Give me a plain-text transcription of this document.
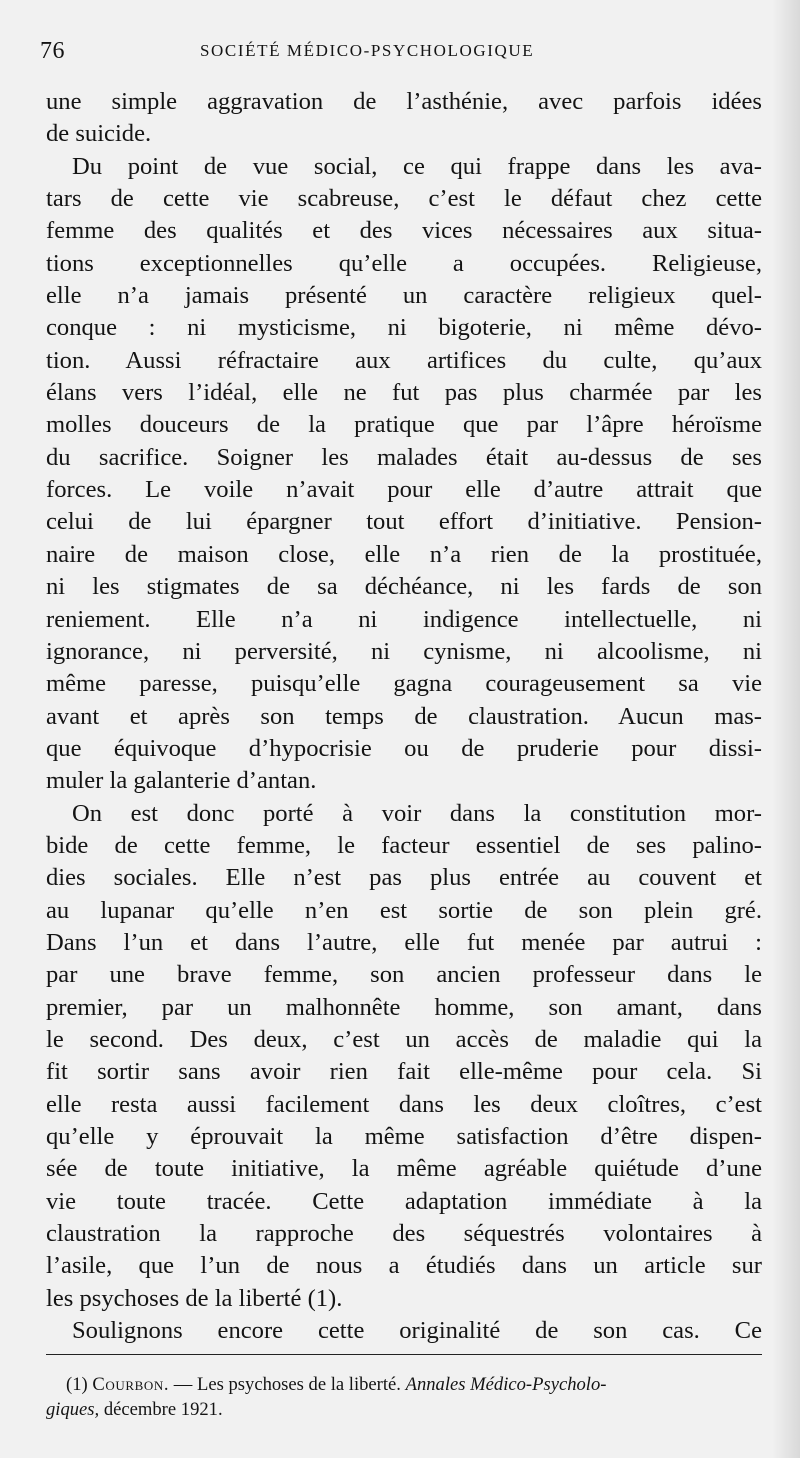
76	SOCIÉTÉ MÉDICO-PSYCHOLOGIQUE
une simple aggravation de l’asthénie, avec parfois idées
de suicide.
Du point de vue social, ce qui frappe dans les ava-
tars de cette vie scabreuse, c’est le défaut chez cette
femme des qualités et des vices nécessaires aux situa-
tions exceptionnelles qu’elle a occupées. Religieuse,
elle n’a jamais présenté un caractère religieux quel-
conque : ni mysticisme, ni bigoterie, ni même dévo-
tion. Aussi réfractaire aux artifices du culte, qu’aux
élans vers l’idéal, elle ne fut pas plus charmée par les
molles douceurs de la pratique que par l’âpre héroïsme
du sacrifice. Soigner les malades était au-dessus de ses
forces. Le voile n’avait pour elle d’autre attrait que
celui de lui épargner tout effort d’initiative. Pension-
naire de maison close, elle n’a rien de la prostituée,
ni les stigmates de sa déchéance, ni les fards de son
reniement. Elle n’a ni indigence intellectuelle, ni
ignorance, ni perversité, ni cynisme, ni alcoolisme, ni
même paresse, puisqu’elle gagna courageusement sa vie
avant et après son temps de claustration. Aucun mas-
que équivoque d’hypocrisie ou de pruderie pour dissi-
muler la galanterie d’antan.
On est donc porté à voir dans la constitution mor-
bide de cette femme, le facteur essentiel de ses palino-
dies sociales. Elle n’est pas plus entrée au couvent et
au lupanar qu’elle n’en est sortie de son plein gré.
Dans l’un et dans l’autre, elle fut menée par autrui :
par une brave femme, son ancien professeur dans le
premier, par un malhonnête homme, son amant, dans
le second. Des deux, c’est un accès de maladie qui la
fit sortir sans avoir rien fait elle-même pour cela. Si
elle resta aussi facilement dans les deux cloîtres, c’est
qu’elle y éprouvait la même satisfaction d’être dispen-
sée de toute initiative, la même agréable quiétude d’une
vie toute tracée. Cette adaptation immédiate à la
claustration la rapproche des séquestrés volontaires à
l’asile, que l’un de nous a étudiés dans un article sur
les psychoses de la liberté (1).
Soulignons encore cette originalité de son cas. Ce
(1) Courbon. — Les psychoses de la liberté. Annales Médico-Psycholo-
giques, décembre 1921.
